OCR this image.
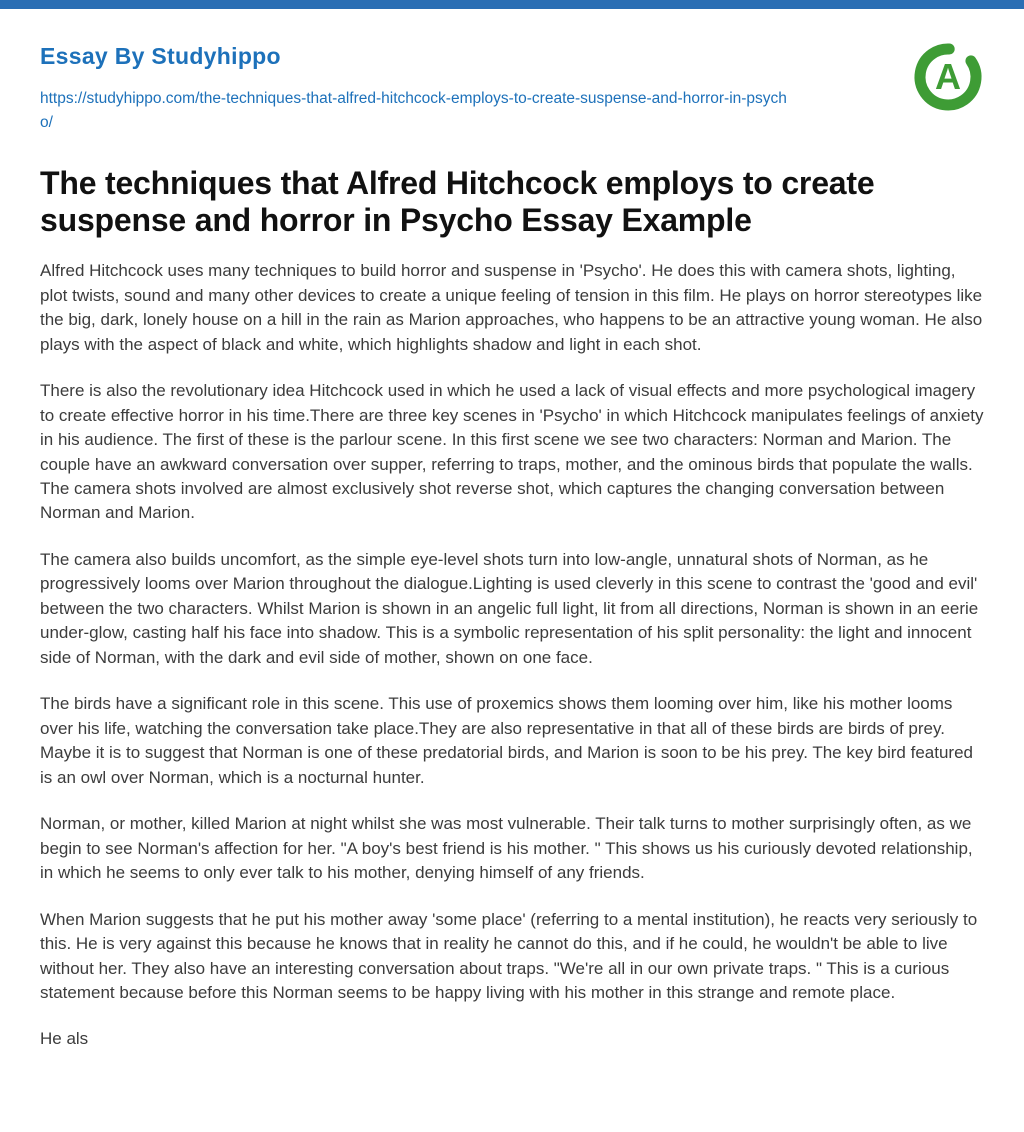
Essay By Studyhippo
https://studyhippo.com/the-techniques-that-alfred-hitchcock-employs-to-create-suspense-and-horror-in-psycho/
A
The techniques that Alfred Hitchcock employs to create suspense and horror in Psycho Essay Example

Alfred Hitchcock uses many techniques to build horror and suspense in 'Psycho'. He does this with camera shots, lighting, plot twists, sound and many other devices to create a unique feeling of tension in this film. He plays on horror stereotypes like the big, dark, lonely house on a hill in the rain as Marion approaches, who happens to be an attractive young woman. He also plays with the aspect of black and white, which highlights shadow and light in each shot.

There is also the revolutionary idea Hitchcock used in which he used a lack of visual effects and more psychological imagery to create effective horror in his time.There are three key scenes in 'Psycho' in which Hitchcock manipulates feelings of anxiety in his audience. The first of these is the parlour scene. In this first scene we see two characters: Norman and Marion. The couple have an awkward conversation over supper, referring to traps, mother, and the ominous birds that populate the walls. The camera shots involved are almost exclusively shot reverse shot, which captures the changing conversation between Norman and Marion.

The camera also builds uncomfort, as the simple eye-level shots turn into low-angle, unnatural shots of Norman, as he progressively looms over Marion throughout the dialogue.Lighting is used cleverly in this scene to contrast the 'good and evil' between the two characters. Whilst Marion is shown in an angelic full light, lit from all directions, Norman is shown in an eerie under-glow, casting half his face into shadow. This is a symbolic representation of his split personality: the light and innocent side of Norman, with the dark and evil side of mother, shown on one face.

The birds have a significant role in this scene. This use of proxemics shows them looming over him, like his mother looms over his life, watching the conversation take place.They are also representative in that all of these birds are birds of prey. Maybe it is to suggest that Norman is one of these predatorial birds, and Marion is soon to be his prey. The key bird featured is an owl over Norman, which is a nocturnal hunter.

Norman, or mother, killed Marion at night whilst she was most vulnerable. Their talk turns to mother surprisingly often, as we begin to see Norman's affection for her. "A boy's best friend is his mother. " This shows us his curiously devoted relationship, in which he seems to only ever talk to his mother, denying himself of any friends.

When Marion suggests that he put his mother away 'some place' (referring to a mental institution), he reacts very seriously to this. He is very against this because he knows that in reality he cannot do this, and if he could, he wouldn't be able to live without her. They also have an interesting conversation about traps. "We're all in our own private traps. " This is a curious statement because before this Norman seems to be happy living with his mother in this strange and remote place.

He als
